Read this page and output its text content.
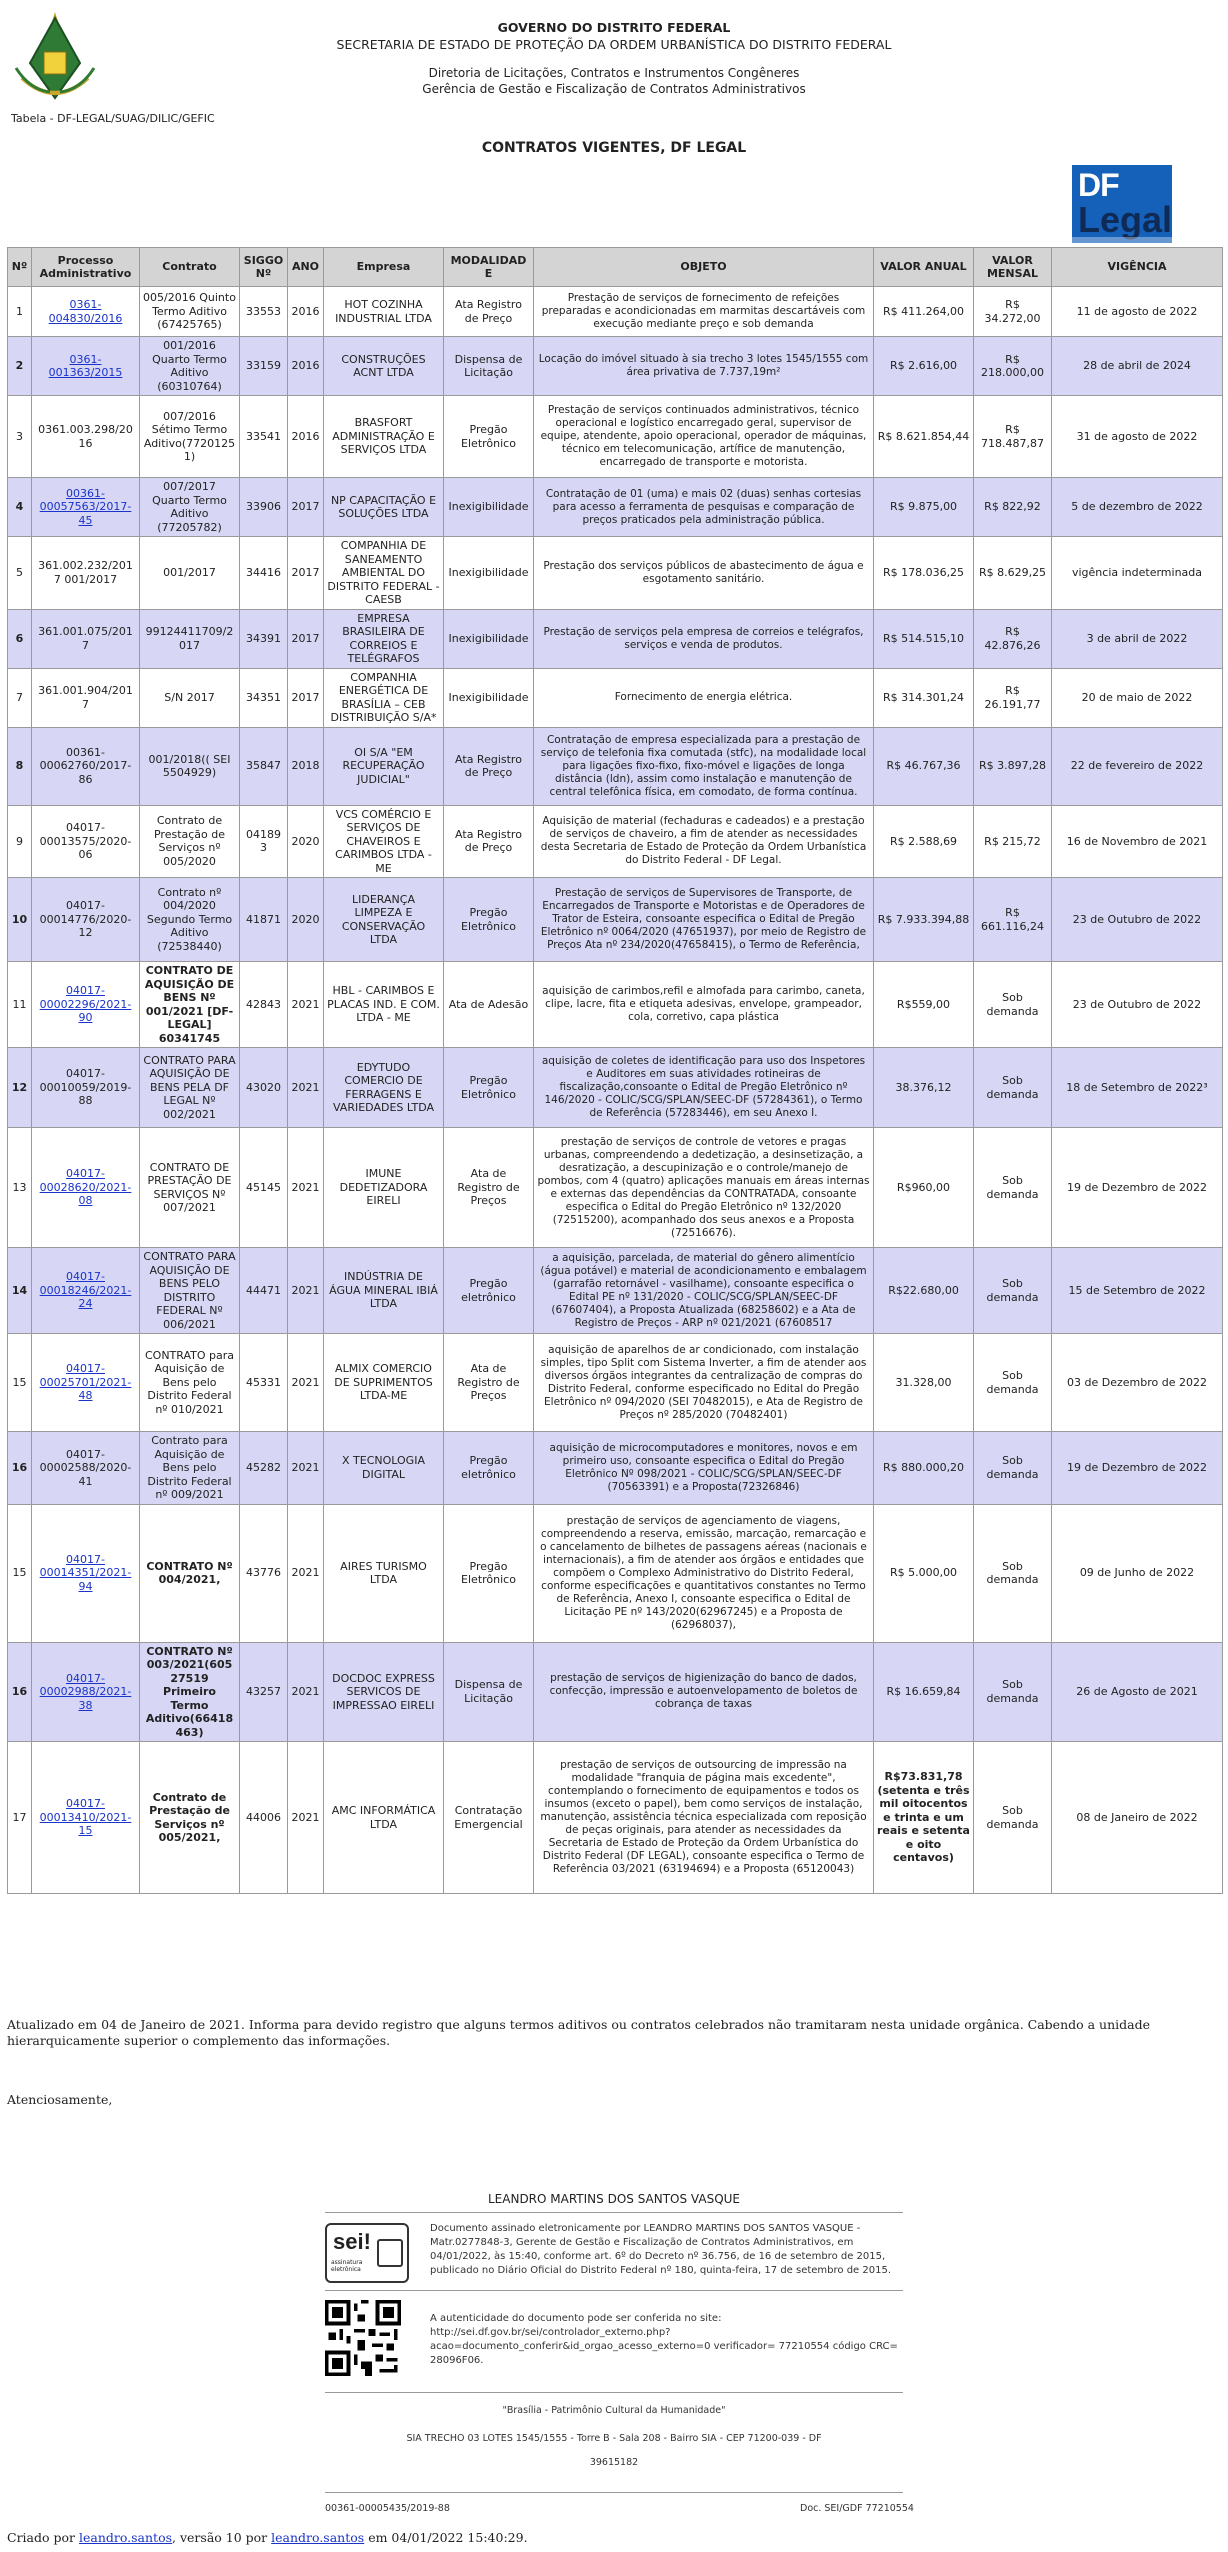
GOVERNO DO DISTRITO FEDERAL
SECRETARIA DE ESTADO DE PROTEÇÃO DA ORDEM URBANÍSTICA DO DISTRITO FEDERAL
Diretoria de Licitações, Contratos e Instrumentos Congêneres
Gerência de Gestão e Fiscalização de Contratos Administrativos
Tabela - DF-LEGAL/SUAG/DILIC/GEFIC
CONTRATOS VIGENTES, DF LEGAL
DF
Legal
Nº	Processo Administrativo	Contrato	SIGGO Nº	ANO	Empresa	MODALIDADE	OBJETO	VALOR ANUAL	VALOR MENSAL	VIGÊNCIA
1	0361-004830/2016	005/2016 Quinto Termo Aditivo (67425765)	33553	2016	HOT COZINHA INDUSTRIAL LTDA	Ata Registro de Preço	Prestação de serviços de fornecimento de refeições preparadas e acondicionadas em marmitas descartáveis com execução mediante preço e sob demanda	R$ 411.264,00	R$ 34.272,00	11 de agosto de 2022
2	0361-001363/2015	001/2016 Quarto Termo Aditivo (60310764)	33159	2016	CONSTRUÇÕES ACNT LTDA	Dispensa de Licitação	Locação do imóvel situado à sia trecho 3 lotes 1545/1555 com área privativa de 7.737,19m²	R$ 2.616,00	R$ 218.000,00	28 de abril de 2024
3	0361.003.298/2016	007/2016 Sétimo Termo Aditivo(77201251)	33541	2016	BRASFORT ADMINISTRAÇÃO E SERVIÇOS LTDA	Pregão Eletrônico	Prestação de serviços continuados administrativos, técnico operacional e logístico encarregado geral, supervisor de equipe, atendente, apoio operacional, operador de máquinas, técnico em telecomunicação, artífice de manutenção, encarregado de transporte e motorista.	R$ 8.621.854,44	R$ 718.487,87	31 de agosto de 2022
4	00361-00057563/2017-45	007/2017 Quarto Termo Aditivo (77205782)	33906	2017	NP CAPACITAÇÃO E SOLUÇÕES LTDA	Inexigibilidade	Contratação de 01 (uma) e mais 02 (duas) senhas cortesias para acesso a ferramenta de pesquisas e comparação de preços praticados pela administração pública.	R$ 9.875,00	R$ 822,92	5 de dezembro de 2022
5	361.002.232/2017 001/2017	001/2017	34416	2017	COMPANHIA DE SANEAMENTO AMBIENTAL DO DISTRITO FEDERAL - CAESB	Inexigibilidade	Prestação dos serviços públicos de abastecimento de água e esgotamento sanitário.	R$ 178.036,25	R$ 8.629,25	vigência indeterminada
6	361.001.075/2017	99124411709/2017	34391	2017	EMPRESA BRASILEIRA DE CORREIOS E TELÉGRAFOS	Inexigibilidade	Prestação de serviços pela empresa de correios e telégrafos, serviços e venda de produtos.	R$ 514.515,10	R$ 42.876,26	3 de abril de 2022
7	361.001.904/2017	S/N 2017	34351	2017	COMPANHIA ENERGÉTICA DE BRASÍLIA – CEB DISTRIBUIÇÃO S/A*	Inexigibilidade	Fornecimento de energia elétrica.	R$ 314.301,24	R$ 26.191,77	20 de maio de 2022
8	00361-00062760/2017-86	001/2018(( SEI 5504929)	35847	2018	OI S/A "EM RECUPERAÇÃO JUDICIAL"	Ata Registro de Preço	Contratação de empresa especializada para a prestação de serviço de telefonia fixa comutada (stfc), na modalidade local para ligações fixo-fixo, fixo-móvel e ligações de longa distância (ldn), assim como instalação e manutenção de central telefônica física, em comodato, de forma contínua.	R$ 46.767,36	R$ 3.897,28	22 de fevereiro de 2022
9	04017-00013575/2020-06	Contrato de Prestação de Serviços nº 005/2020	041893	2020	VCS COMÉRCIO E SERVIÇOS DE CHAVEIROS E CARIMBOS LTDA - ME	Ata Registro de Preço	Aquisição de material (fechaduras e cadeados) e a prestação de serviços de chaveiro, a fim de atender as necessidades desta Secretaria de Estado de Proteção da Ordem Urbanística do Distrito Federal - DF Legal.	R$ 2.588,69	R$ 215,72	16 de Novembro de 2021
10	04017-00014776/2020-12	Contrato nº 004/2020 Segundo Termo Aditivo (72538440)	41871	2020	LIDERANÇA LIMPEZA E CONSERVAÇÃO LTDA	Pregão Eletrônico	Prestação de serviços de Supervisores de Transporte, de Encarregados de Transporte e Motoristas e de Operadores de Trator de Esteira, consoante especifica o Edital de Pregão Eletrônico nº 0064/2020 (47651937), por meio de Registro de Preços Ata nº 234/2020(47658415), o Termo de Referência,	R$ 7.933.394,88	R$ 661.116,24	23 de Outubro de 2022
11	04017-00002296/2021-90	CONTRATO DE AQUISIÇÃO DE BENS Nº 001/2021 [DF-LEGAL] 60341745	42843	2021	HBL - CARIMBOS E PLACAS IND. E COM. LTDA - ME	Ata de Adesão	aquisição de carimbos,refil e almofada para carimbo, caneta, clipe, lacre, fita e etiqueta adesivas, envelope, grampeador, cola, corretivo, capa plástica	R$559,00	Sob demanda	23 de Outubro de 2022
12	04017-00010059/2019-88	CONTRATO PARA AQUISIÇÃO DE BENS PELA DF LEGAL Nº 002/2021	43020	2021	EDYTUDO COMERCIO DE FERRAGENS E VARIEDADES LTDA	Pregão Eletrônico	aquisição de coletes de identificação para uso dos Inspetores e Auditores em suas atividades rotineiras de fiscalização,consoante o Edital de Pregão Eletrônico nº 146/2020 - COLIC/SCG/SPLAN/SEEC-DF (57284361), o Termo de Referência (57283446), em seu Anexo I.	38.376,12	Sob demanda	18 de Setembro de 2022³
13	04017-00028620/2021-08	CONTRATO DE PRESTAÇÃO DE SERVIÇOS Nº 007/2021	45145	2021	IMUNE DEDETIZADORA EIRELI	Ata de Registro de Preços	prestação de serviços de controle de vetores e pragas urbanas, compreendendo a dedetização, a desinsetização, a desratização, a descupinização e o controle/manejo de pombos, com 4 (quatro) aplicações manuais em áreas internas e externas das dependências da CONTRATADA, consoante especifica o Edital do Pregão Eletrônico nº 132/2020 (72515200), acompanhado dos seus anexos e a Proposta (72516676).	R$960,00	Sob demanda	19 de Dezembro de 2022
14	04017-00018246/2021-24	CONTRATO PARA AQUISIÇÃO DE BENS PELO DISTRITO FEDERAL Nº 006/2021	44471	2021	INDÚSTRIA DE ÁGUA MINERAL IBIÁ LTDA	Pregão eletrônico	a aquisição, parcelada, de material do gênero alimentício (água potável) e material de acondicionamento e embalagem (garrafão retornável - vasilhame), consoante especifica o Edital PE nº 131/2020 - COLIC/SCG/SPLAN/SEEC-DF (67607404), a Proposta Atualizada (68258602) e a Ata de Registro de Preços - ARP nº 021/2021 (67608517	R$22.680,00	Sob demanda	15 de Setembro de 2022
15	04017-00025701/2021-48	CONTRATO para Aquisição de Bens pelo Distrito Federal nº 010/2021	45331	2021	ALMIX COMERCIO DE SUPRIMENTOS LTDA-ME	Ata de Registro de Preços	aquisição de aparelhos de ar condicionado, com instalação simples, tipo Split com Sistema Inverter, a fim de atender aos diversos órgãos integrantes da centralização de compras do Distrito Federal, conforme especificado no Edital do Pregão Eletrônico nº 094/2020 (SEI 70482015), e Ata de Registro de Preços nº 285/2020 (70482401)	31.328,00	Sob demanda	03 de Dezembro de 2022
16	04017-00002588/2020-41	Contrato para Aquisição de Bens pelo Distrito Federal nº 009/2021	45282	2021	X TECNOLOGIA DIGITAL	Pregão eletrônico	aquisição de microcomputadores e monitores, novos e em primeiro uso, consoante especifica o Edital do Pregão Eletrônico Nº 098/2021 - COLIC/SCG/SPLAN/SEEC-DF (70563391) e a Proposta(72326846)	R$ 880.000,20	Sob demanda	19 de Dezembro de 2022
15	04017-00014351/2021-94	CONTRATO Nº 004/2021,	43776	2021	AIRES TURISMO LTDA	Pregão Eletrônico	prestação de serviços de agenciamento de viagens, compreendendo a reserva, emissão, marcação, remarcação e o cancelamento de bilhetes de passagens aéreas (nacionais e internacionais), a fim de atender aos órgãos e entidades que compõem o Complexo Administrativo do Distrito Federal, conforme especificações e quantitativos constantes no Termo de Referência, Anexo I, consoante especifica o Edital de Licitação PE nº 143/2020(62967245) e a Proposta de (62968037),	R$ 5.000,00	Sob demanda	09 de Junho de 2022
16	04017-00002988/2021-38	CONTRATO Nº 003/2021(60527519 Primeiro Termo Aditivo(66418463)	43257	2021	DOCDOC EXPRESS SERVICOS DE IMPRESSAO EIRELI	Dispensa de Licitação	prestação de serviços de higienização do banco de dados, confecção, impressão e autoenvelopamento de boletos de cobrança de taxas	R$ 16.659,84	Sob demanda	26 de Agosto de 2021
17	04017-00013410/2021-15	Contrato de Prestação de Serviços nº 005/2021,	44006	2021	AMC INFORMÁTICA LTDA	Contratação Emergencial	prestação de serviços de outsourcing de impressão na modalidade "franquia de página mais excedente", contemplando o fornecimento de equipamentos e todos os insumos (exceto o papel), bem como serviços de instalação, manutenção, assistência técnica especializada com reposição de peças originais, para atender as necessidades da Secretaria de Estado de Proteção da Ordem Urbanística do Distrito Federal (DF LEGAL), consoante especifica o Termo de Referência 03/2021 (63194694) e a Proposta (65120043)	R$73.831,78 (setenta e três mil oitocentos e trinta e um reais e setenta e oito centavos)	Sob demanda	08 de Janeiro de 2022
Atualizado em 04 de Janeiro de 2021. Informa para devido registro que alguns termos aditivos ou contratos celebrados não tramitaram nesta unidade orgânica. Cabendo a unidade hierarquicamente superior o complemento das informações.
Atenciosamente,
LEANDRO MARTINS DOS SANTOS VASQUE
sei!
assinatura eletrônica
Documento assinado eletronicamente por LEANDRO MARTINS DOS SANTOS VASQUE - Matr.0277848-3, Gerente de Gestão e Fiscalização de Contratos Administrativos, em 04/01/2022, às 15:40, conforme art. 6º do Decreto nº 36.756, de 16 de setembro de 2015, publicado no Diário Oficial do Distrito Federal nº 180, quinta-feira, 17 de setembro de 2015.
A autenticidade do documento pode ser conferida no site: http://sei.df.gov.br/sei/controlador_externo.php?acao=documento_conferir&id_orgao_acesso_externo=0 verificador= 77210554 código CRC= 28096F06.
"Brasília - Patrimônio Cultural da Humanidade"
SIA TRECHO 03 LOTES 1545/1555 - Torre B - Sala 208 - Bairro SIA - CEP 71200-039 - DF
39615182
00361-00005435/2019-88	Doc. SEI/GDF 77210554
Criado por leandro.santos, versão 10 por leandro.santos em 04/01/2022 15:40:29.
